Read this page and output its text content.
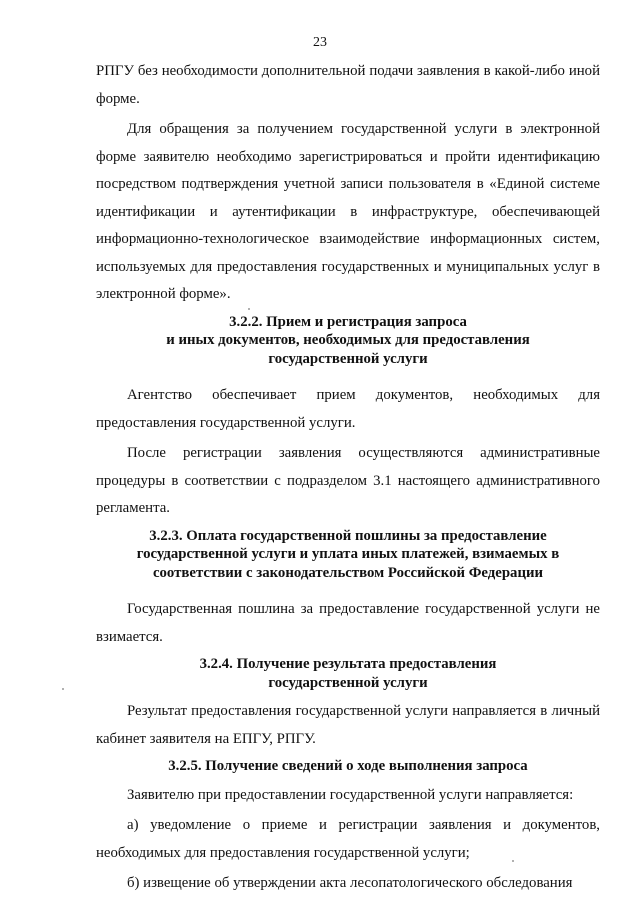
23

РПГУ без необходимости дополнительной подачи заявления в какой-либо иной форме.

Для обращения за получением государственной услуги в электронной форме заявителю необходимо зарегистрироваться и пройти идентификацию посредством подтверждения учетной записи пользователя в «Единой системе идентификации и аутентификации в инфраструктуре, обеспечивающей информационно-технологическое взаимодействие информационных систем, используемых для предоставления государственных и муниципальных услуг в электронной форме».

3.2.2. Прием и регистрация запроса
и иных документов, необходимых для предоставления
государственной услуги

Агентство обеспечивает прием документов, необходимых для предоставления государственной услуги.

После регистрации заявления осуществляются административные процедуры в соответствии с подразделом 3.1 настоящего административного регламента.

3.2.3. Оплата государственной пошлины за предоставление
государственной услуги и уплата иных платежей, взимаемых в
соответствии с законодательством Российской Федерации

Государственная пошлина за предоставление государственной услуги не взимается.

3.2.4. Получение результата предоставления
государственной услуги

Результат предоставления государственной услуги направляется в личный кабинет заявителя на ЕПГУ, РПГУ.

3.2.5. Получение сведений о ходе выполнения запроса

Заявителю при предоставлении государственной услуги направляется:

а) уведомление о приеме и регистрации заявления и документов, необходимых для предоставления государственной услуги;

б) извещение об утверждении акта лесопатологического обследования
